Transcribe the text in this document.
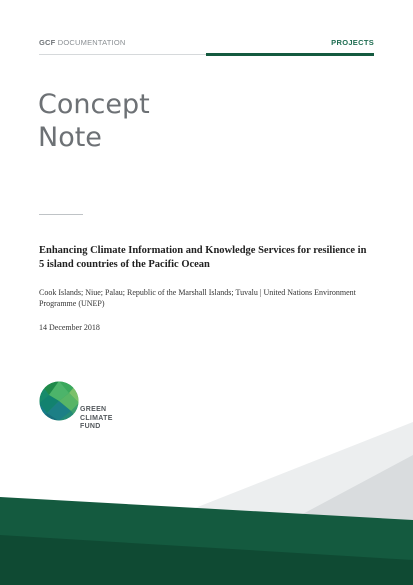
GCF DOCUMENTATION	PROJECTS
Concept
Note
Enhancing Climate Information and Knowledge Services for resilience in 5 island countries of the Pacific Ocean
Cook Islands; Niue; Palau; Republic of the Marshall Islands; Tuvalu | United Nations Environment Programme (UNEP)
14 December 2018
GREEN
CLIMATE
FUND
